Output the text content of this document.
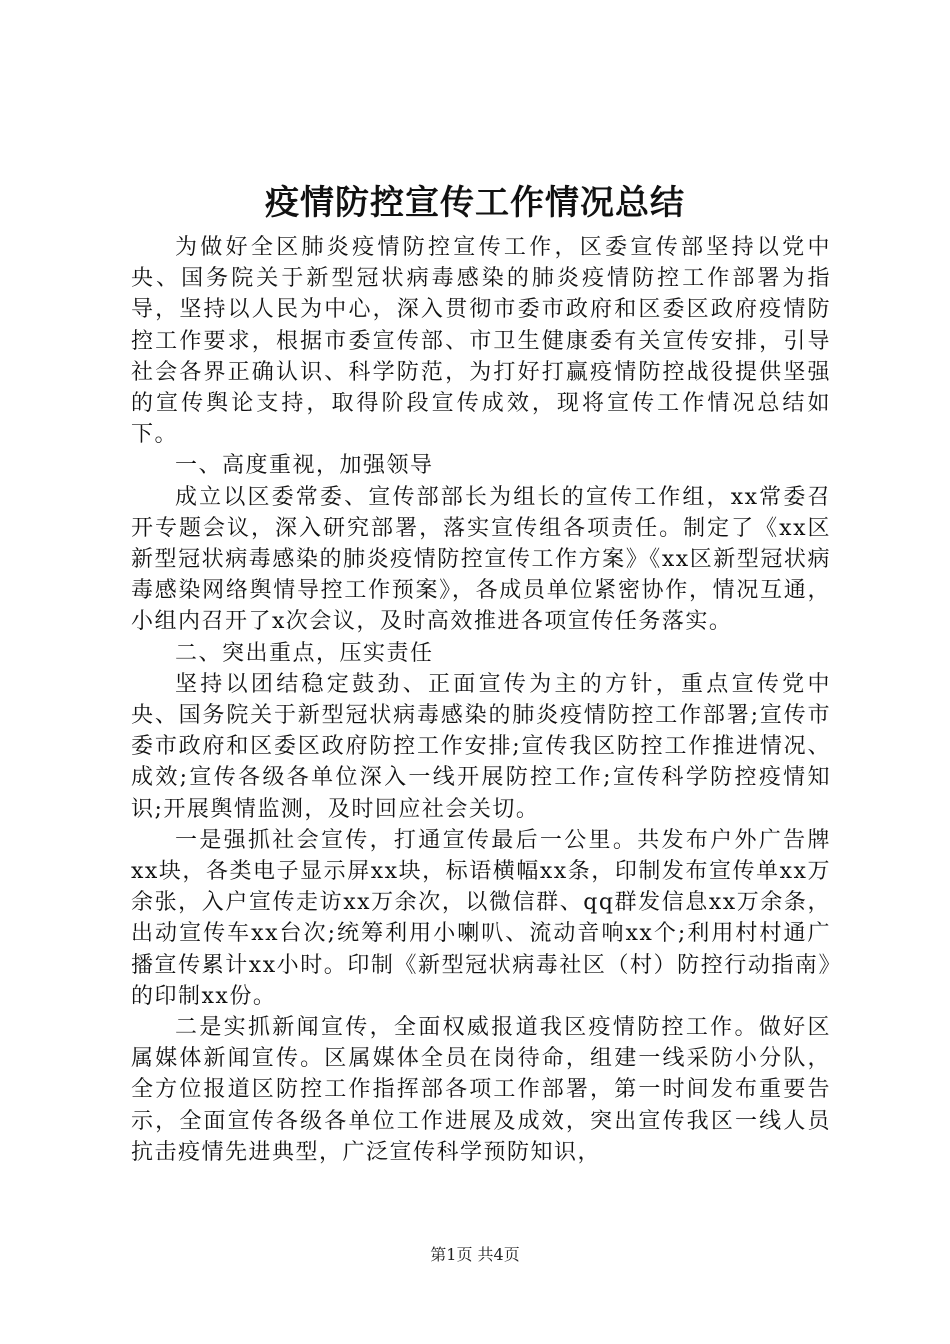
疫情防控宣传工作情况总结

为做好全区肺炎疫情防控宣传工作，区委宣传部坚持以党中央、国务院关于新型冠状病毒感染的肺炎疫情防控工作部署为指导，坚持以人民为中心，深入贯彻市委市政府和区委区政府疫情防控工作要求，根据市委宣传部、市卫生健康委有关宣传安排，引导社会各界正确认识、科学防范，为打好打赢疫情防控战役提供坚强的宣传舆论支持，取得阶段宣传成效，现将宣传工作情况总结如下。

一、高度重视，加强领导

成立以区委常委、宣传部部长为组长的宣传工作组，xx常委召开专题会议，深入研究部署，落实宣传组各项责任。制定了《xx区新型冠状病毒感染的肺炎疫情防控宣传工作方案》《xx区新型冠状病毒感染网络舆情导控工作预案》，各成员单位紧密协作，情况互通，小组内召开了x次会议，及时高效推进各项宣传任务落实。

二、突出重点，压实责任

坚持以团结稳定鼓劲、正面宣传为主的方针，重点宣传党中央、国务院关于新型冠状病毒感染的肺炎疫情防控工作部署;宣传市委市政府和区委区政府防控工作安排;宣传我区防控工作推进情况、成效;宣传各级各单位深入一线开展防控工作;宣传科学防控疫情知识;开展舆情监测，及时回应社会关切。

一是强抓社会宣传，打通宣传最后一公里。共发布户外广告牌xx块，各类电子显示屏xx块，标语横幅xx条，印制发布宣传单xx万余张，入户宣传走访xx万余次，以微信群、qq群发信息xx万余条，出动宣传车xx台次;统筹利用小喇叭、流动音响xx个;利用村村通广播宣传累计xx小时。印制《新型冠状病毒社区（村）防控行动指南》的印制xx份。

二是实抓新闻宣传，全面权威报道我区疫情防控工作。做好区属媒体新闻宣传。区属媒体全员在岗待命，组建一线采防小分队，全方位报道区防控工作指挥部各项工作部署，第一时间发布重要告示，全面宣传各级各单位工作进展及成效，突出宣传我区一线人员抗击疫情先进典型，广泛宣传科学预防知识，

第1页 共4页
